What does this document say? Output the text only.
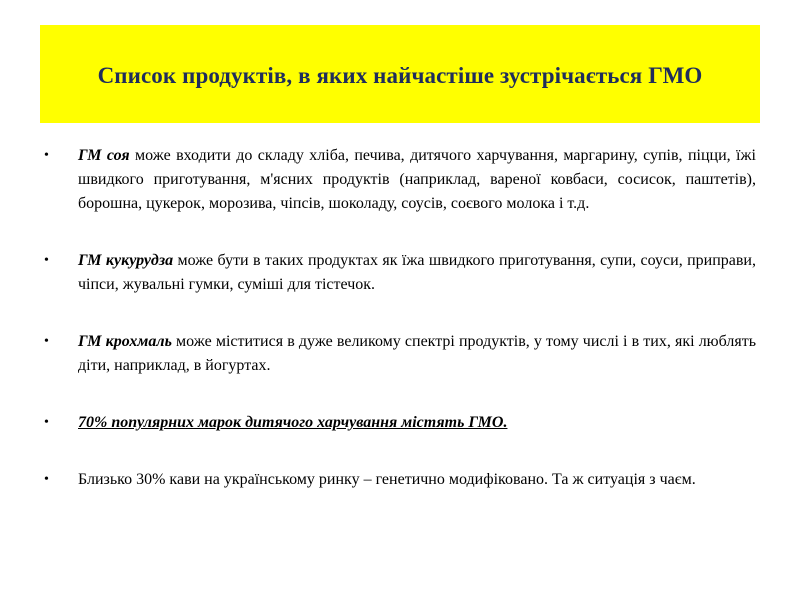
Список продуктів, в яких найчастіше зустрічається ГМО
•	ГМ соя може входити до складу хліба, печива, дитячого харчування, маргарину, супів, піцци, їжі швидкого приготування, м'ясних продуктів (наприклад, вареної ковбаси, сосисок, паштетів), борошна, цукерок, морозива, чіпсів, шоколаду, соусів, соєвого молока і т.д.
•	ГМ кукурудза може бути в таких продуктах як їжа швидкого приготування, супи, соуси, приправи, чіпси, жувальні гумки, суміші для тістечок.
•	ГМ крохмаль може міститися в дуже великому спектрі продуктів, у тому числі і в тих, які люблять діти, наприклад, в йогуртах.
•	70% популярних марок дитячого харчування містять ГМО.
•	Близько 30% кави на українському ринку – генетично модифіковано. Та ж ситуація з чаєм.
